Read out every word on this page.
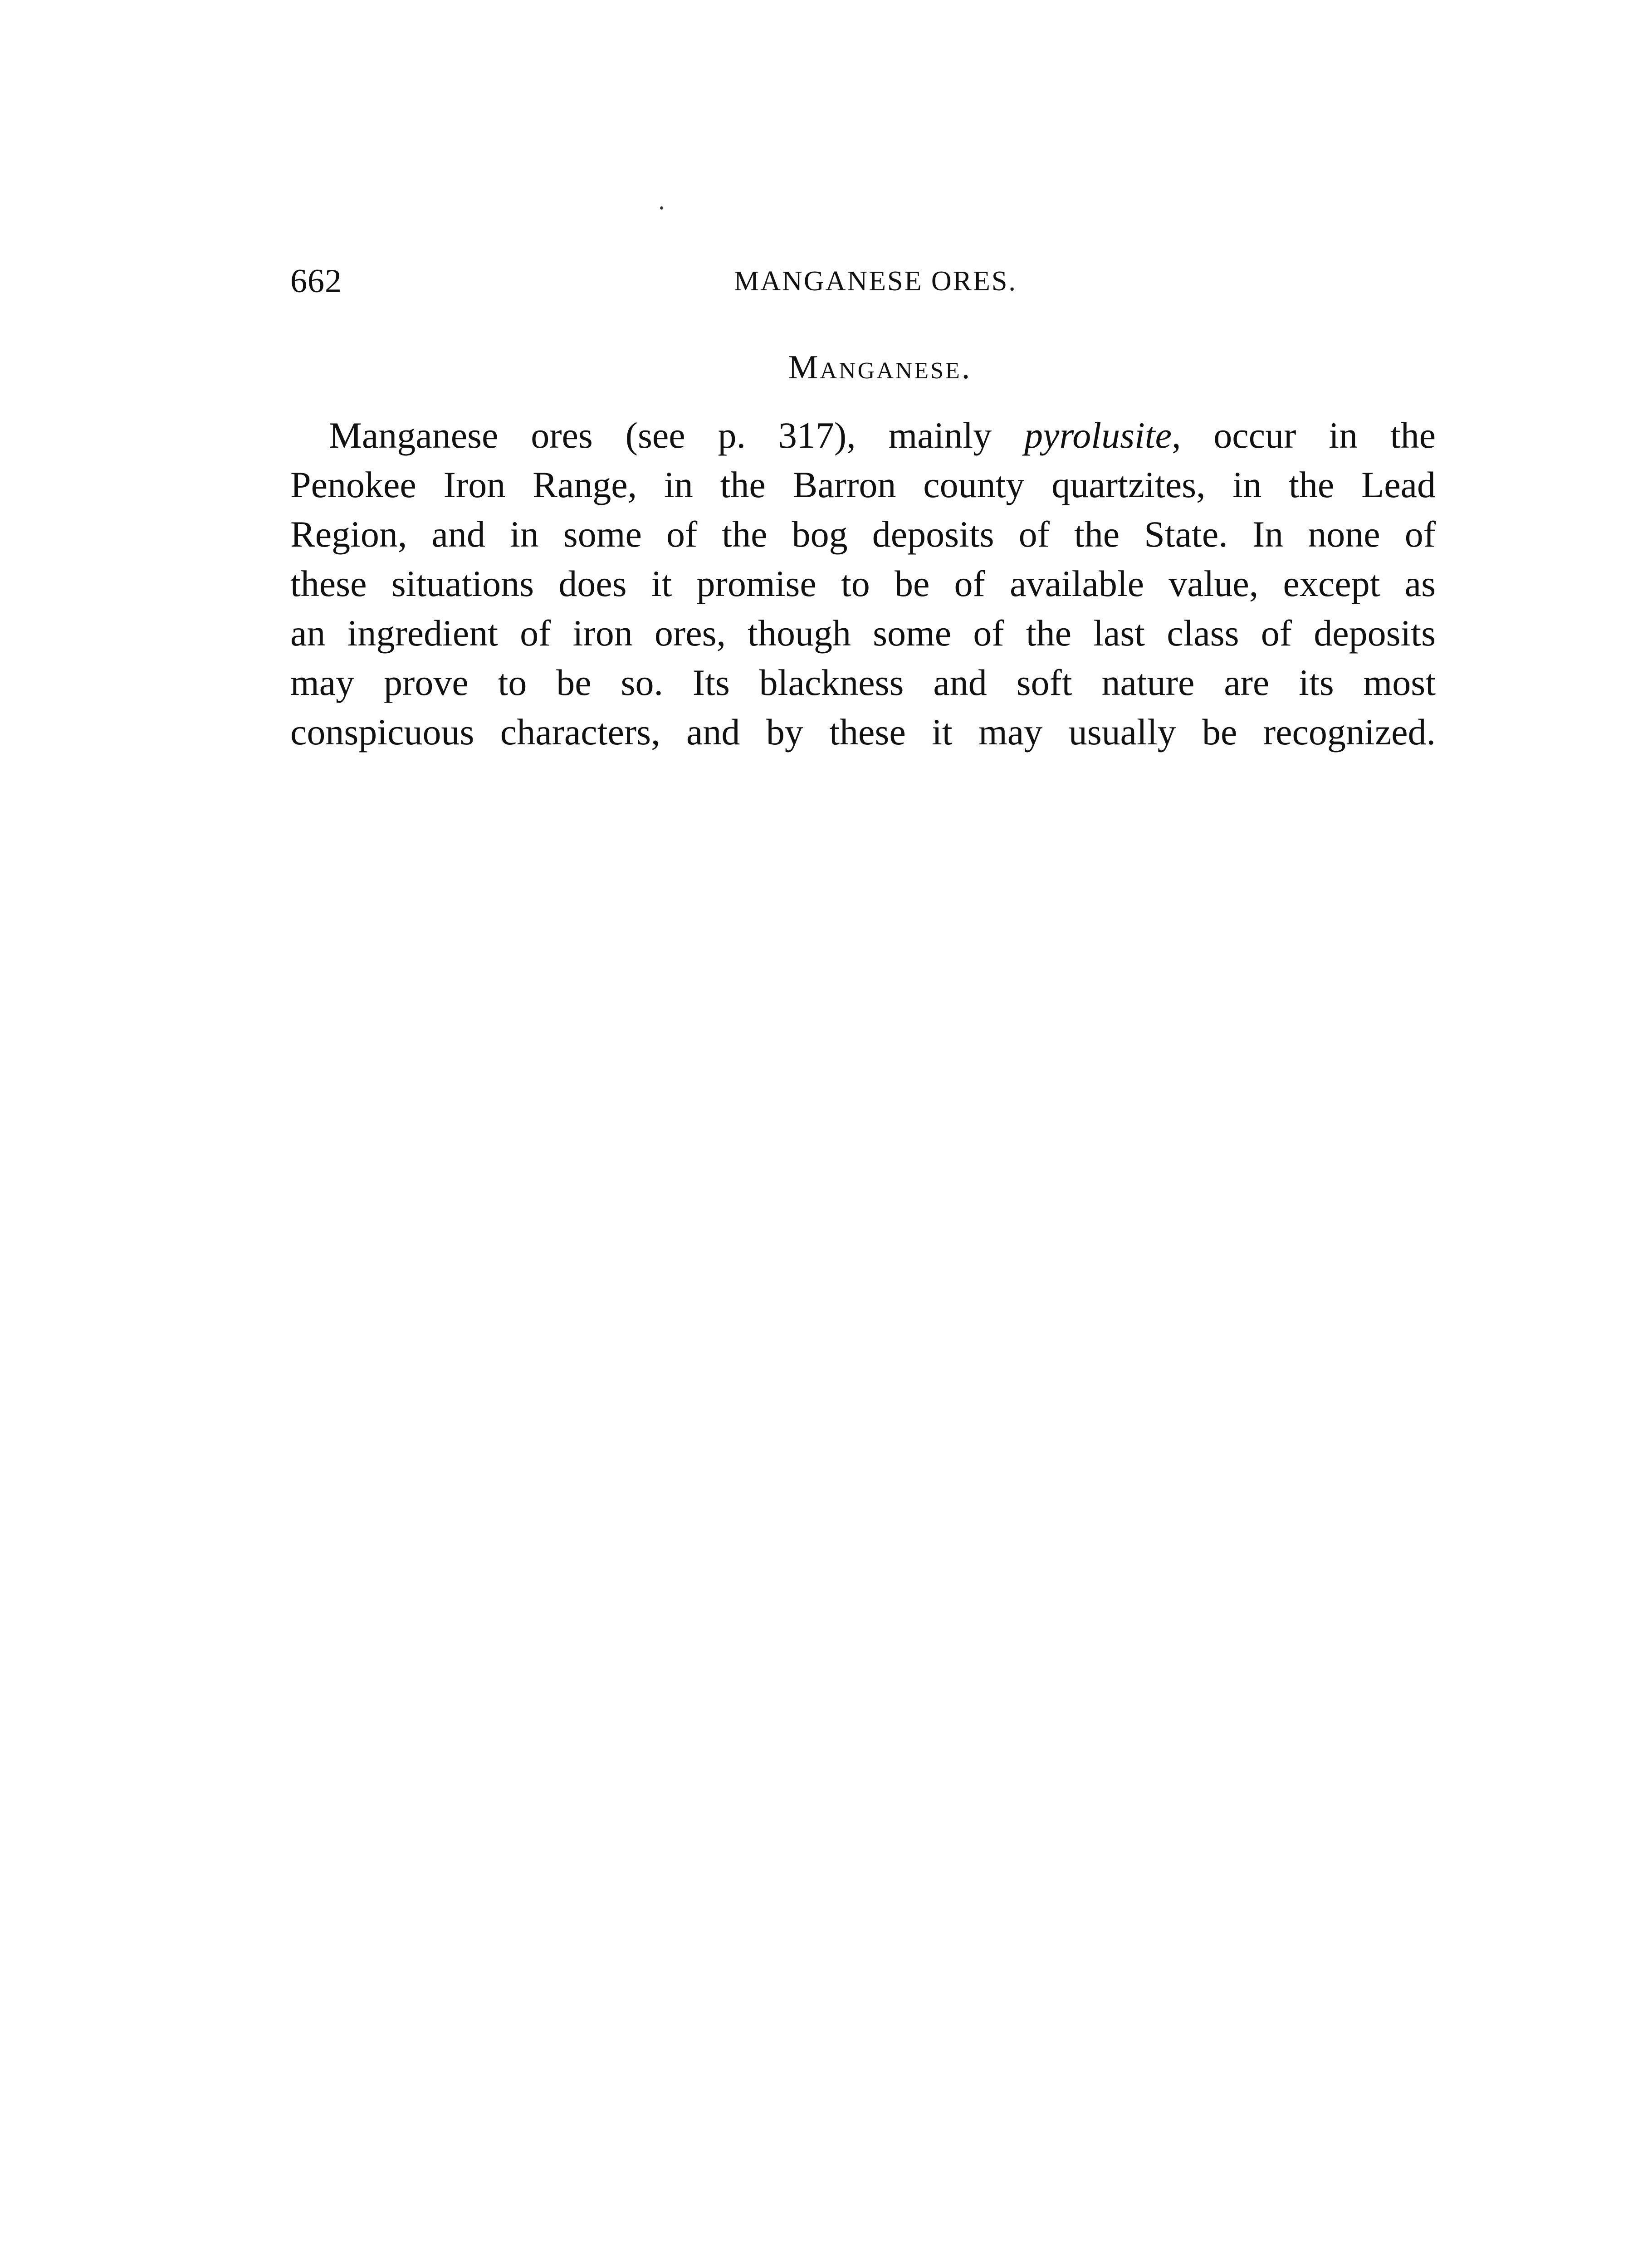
662	MANGANESE ORES.
Manganese.
Manganese ores (see p. 317), mainly pyrolusite, occur in the
Penokee Iron Range, in the Barron county quartzites, in the Lead
Region, and in some of the bog deposits of the State. In none of
these situations does it promise to be of available value, except as
an ingredient of iron ores, though some of the last class of deposits
may prove to be so. Its blackness and soft nature are its most
conspicuous characters, and by these it may usually be recognized.
